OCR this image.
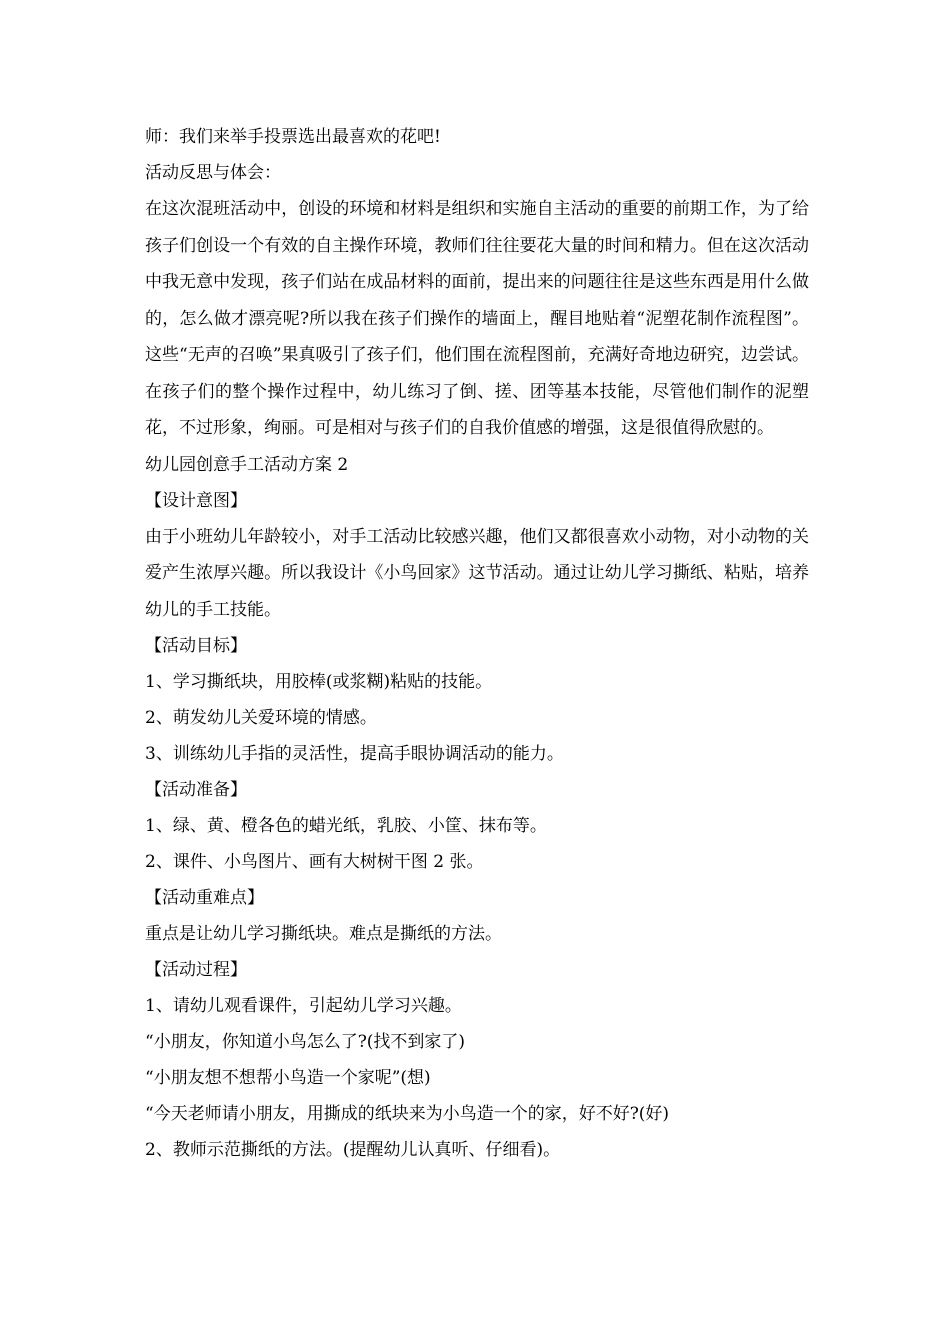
师：我们来举手投票选出最喜欢的花吧!

活动反思与体会：

在这次混班活动中，创设的环境和材料是组织和实施自主活动的重要的前期工作，为了给孩子们创设一个有效的自主操作环境，教师们往往要花大量的时间和精力。但在这次活动中我无意中发现，孩子们站在成品材料的面前，提出来的问题往往是这些东西是用什么做的，怎么做才漂亮呢?所以我在孩子们操作的墙面上，醒目地贴着“泥塑花制作流程图”。这些“无声的召唤”果真吸引了孩子们，他们围在流程图前，充满好奇地边研究，边尝试。在孩子们的整个操作过程中，幼儿练习了倒、搓、团等基本技能，尽管他们制作的泥塑花，不过形象，绚丽。可是相对与孩子们的自我价值感的增强，这是很值得欣慰的。

幼儿园创意手工活动方案 2

【设计意图】

由于小班幼儿年龄较小，对手工活动比较感兴趣，他们又都很喜欢小动物，对小动物的关爱产生浓厚兴趣。所以我设计《小鸟回家》这节活动。通过让幼儿学习撕纸、粘贴，培养幼儿的手工技能。

【活动目标】

1、学习撕纸块，用胶棒(或浆糊)粘贴的技能。

2、萌发幼儿关爱环境的情感。

3、训练幼儿手指的灵活性，提高手眼协调活动的能力。

【活动准备】

1、绿、黄、橙各色的蜡光纸，乳胶、小筐、抹布等。

2、课件、小鸟图片、画有大树树干图 2 张。

【活动重难点】

重点是让幼儿学习撕纸块。难点是撕纸的方法。

【活动过程】

1、请幼儿观看课件，引起幼儿学习兴趣。

“小朋友，你知道小鸟怎么了?(找不到家了)

“小朋友想不想帮小鸟造一个家呢”(想)

“今天老师请小朋友，用撕成的纸块来为小鸟造一个的家，好不好?(好)

2、教师示范撕纸的方法。(提醒幼儿认真听、仔细看)。
